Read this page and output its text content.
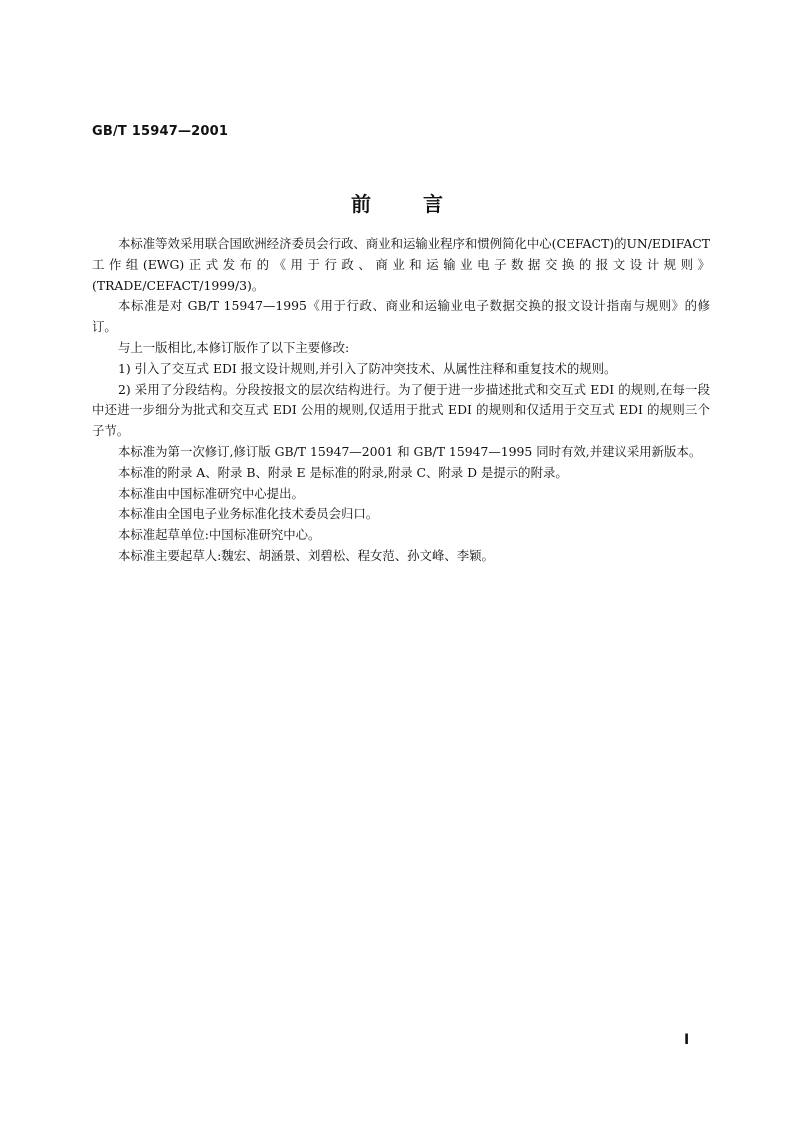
GB/T 15947—2001
前言

本标准等效采用联合国欧洲经济委员会行政、商业和运输业程序和惯例简化中心(CEFACT)的UN/EDIFACT 工作组(EWG)正式发布的《用于行政、商业和运输业电子数据交换的报文设计规则》(TRADE/CEFACT/1999/3)。

本标准是对 GB/T 15947—1995《用于行政、商业和运输业电子数据交换的报文设计指南与规则》的修订。

与上一版相比,本修订版作了以下主要修改:

1) 引入了交互式 EDI 报文设计规则,并引入了防冲突技术、从属性注释和重复技术的规则。

2) 采用了分段结构。分段按报文的层次结构进行。为了便于进一步描述批式和交互式 EDI 的规则,在每一段中还进一步细分为批式和交互式 EDI 公用的规则,仅适用于批式 EDI 的规则和仅适用于交互式 EDI 的规则三个子节。

本标准为第一次修订,修订版 GB/T 15947—2001 和 GB/T 15947—1995 同时有效,并建议采用新版本。

本标准的附录 A、附录 B、附录 E 是标准的附录,附录 C、附录 D 是提示的附录。

本标准由中国标准研究中心提出。

本标准由全国电子业务标准化技术委员会归口。

本标准起草单位:中国标准研究中心。

本标准主要起草人:魏宏、胡涵景、刘碧松、程女范、孙文峰、李颖。

I
